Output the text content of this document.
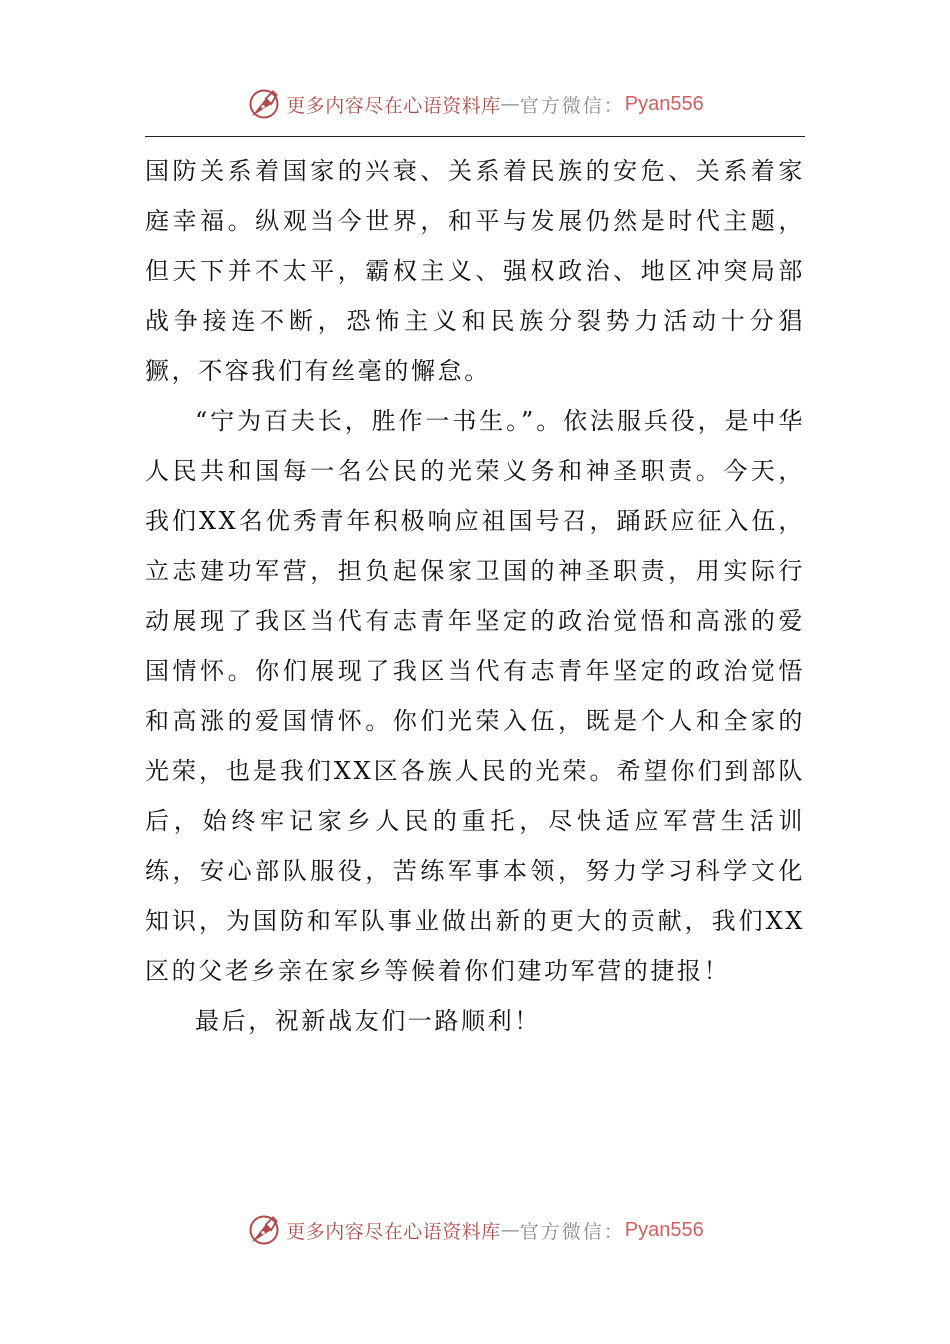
更多内容尽在心语资料库 — 官方微信： Pyan556

国防关系着国家的兴衰、关系着民族的安危、关系着家庭幸福。纵观当今世界，和平与发展仍然是时代主题，但天下并不太平，霸权主义、强权政治、地区冲突局部战争接连不断，恐怖主义和民族分裂势力活动十分猖獗，不容我们有丝毫的懈怠。

“宁为百夫长，胜作一书生。”。依法服兵役，是中华人民共和国每一名公民的光荣义务和神圣职责。今天，我们XX名优秀青年积极响应祖国号召，踊跃应征入伍，立志建功军营，担负起保家卫国的神圣职责，用实际行动展现了我区当代有志青年坚定的政治觉悟和高涨的爱国情怀。你们展现了我区当代有志青年坚定的政治觉悟和高涨的爱国情怀。你们光荣入伍，既是个人和全家的光荣，也是我们XX区各族人民的光荣。希望你们到部队后，始终牢记家乡人民的重托，尽快适应军营生活训练，安心部队服役，苦练军事本领，努力学习科学文化知识，为国防和军队事业做出新的更大的贡献，我们XX区的父老乡亲在家乡等候着你们建功军营的捷报！

最后，祝新战友们一路顺利！

更多内容尽在心语资料库 — 官方微信： Pyan556
